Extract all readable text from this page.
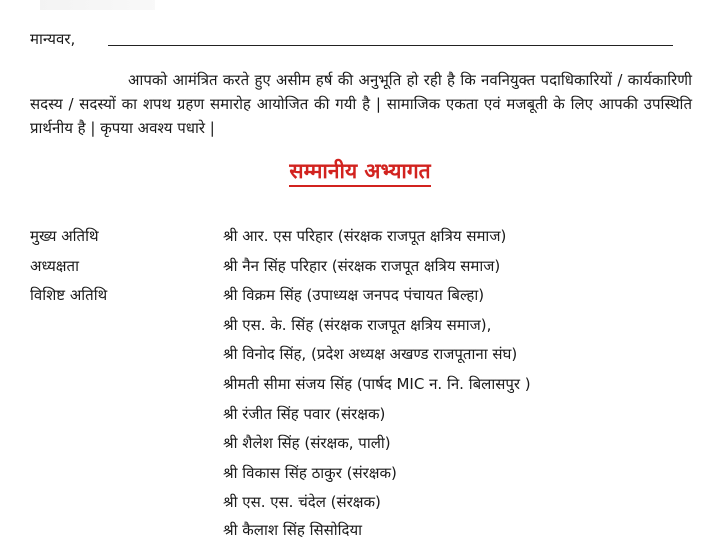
मान्यवर,
आपको आमंत्रित करते हुए असीम हर्ष की अनुभूति हो रही है कि नवनियुक्त पदाधिकारियों / कार्यकारिणी सदस्य / सदस्यों का शपथ ग्रहण समारोह आयोजित की गयी है | सामाजिक एकता एवं मजबूती के लिए आपकी उपस्थिति प्रार्थनीय है | कृपया अवश्य पधारे |
सम्मानीय अभ्यागत
मुख्य अतिथि	श्री आर. एस परिहार (संरक्षक राजपूत क्षत्रिय समाज)
अध्यक्षता	श्री नैन सिंह परिहार (संरक्षक राजपूत क्षत्रिय समाज)
विशिष्ट अतिथि	श्री विक्रम सिंह (उपाध्यक्ष जनपद पंचायत बिल्हा)
श्री एस. के. सिंह (संरक्षक राजपूत क्षत्रिय समाज),
श्री विनोद सिंह, (प्रदेश अध्यक्ष अखण्ड राजपूताना संघ)
श्रीमती सीमा संजय सिंह (पार्षद MIC न. नि. बिलासपुर )
श्री रंजीत सिंह पवार (संरक्षक)
श्री शैलेश सिंह (संरक्षक, पाली)
श्री विकास सिंह ठाकुर (संरक्षक)
श्री एस. एस. चंदेल (संरक्षक)
श्री कैलाश सिंह सिसोदिया
